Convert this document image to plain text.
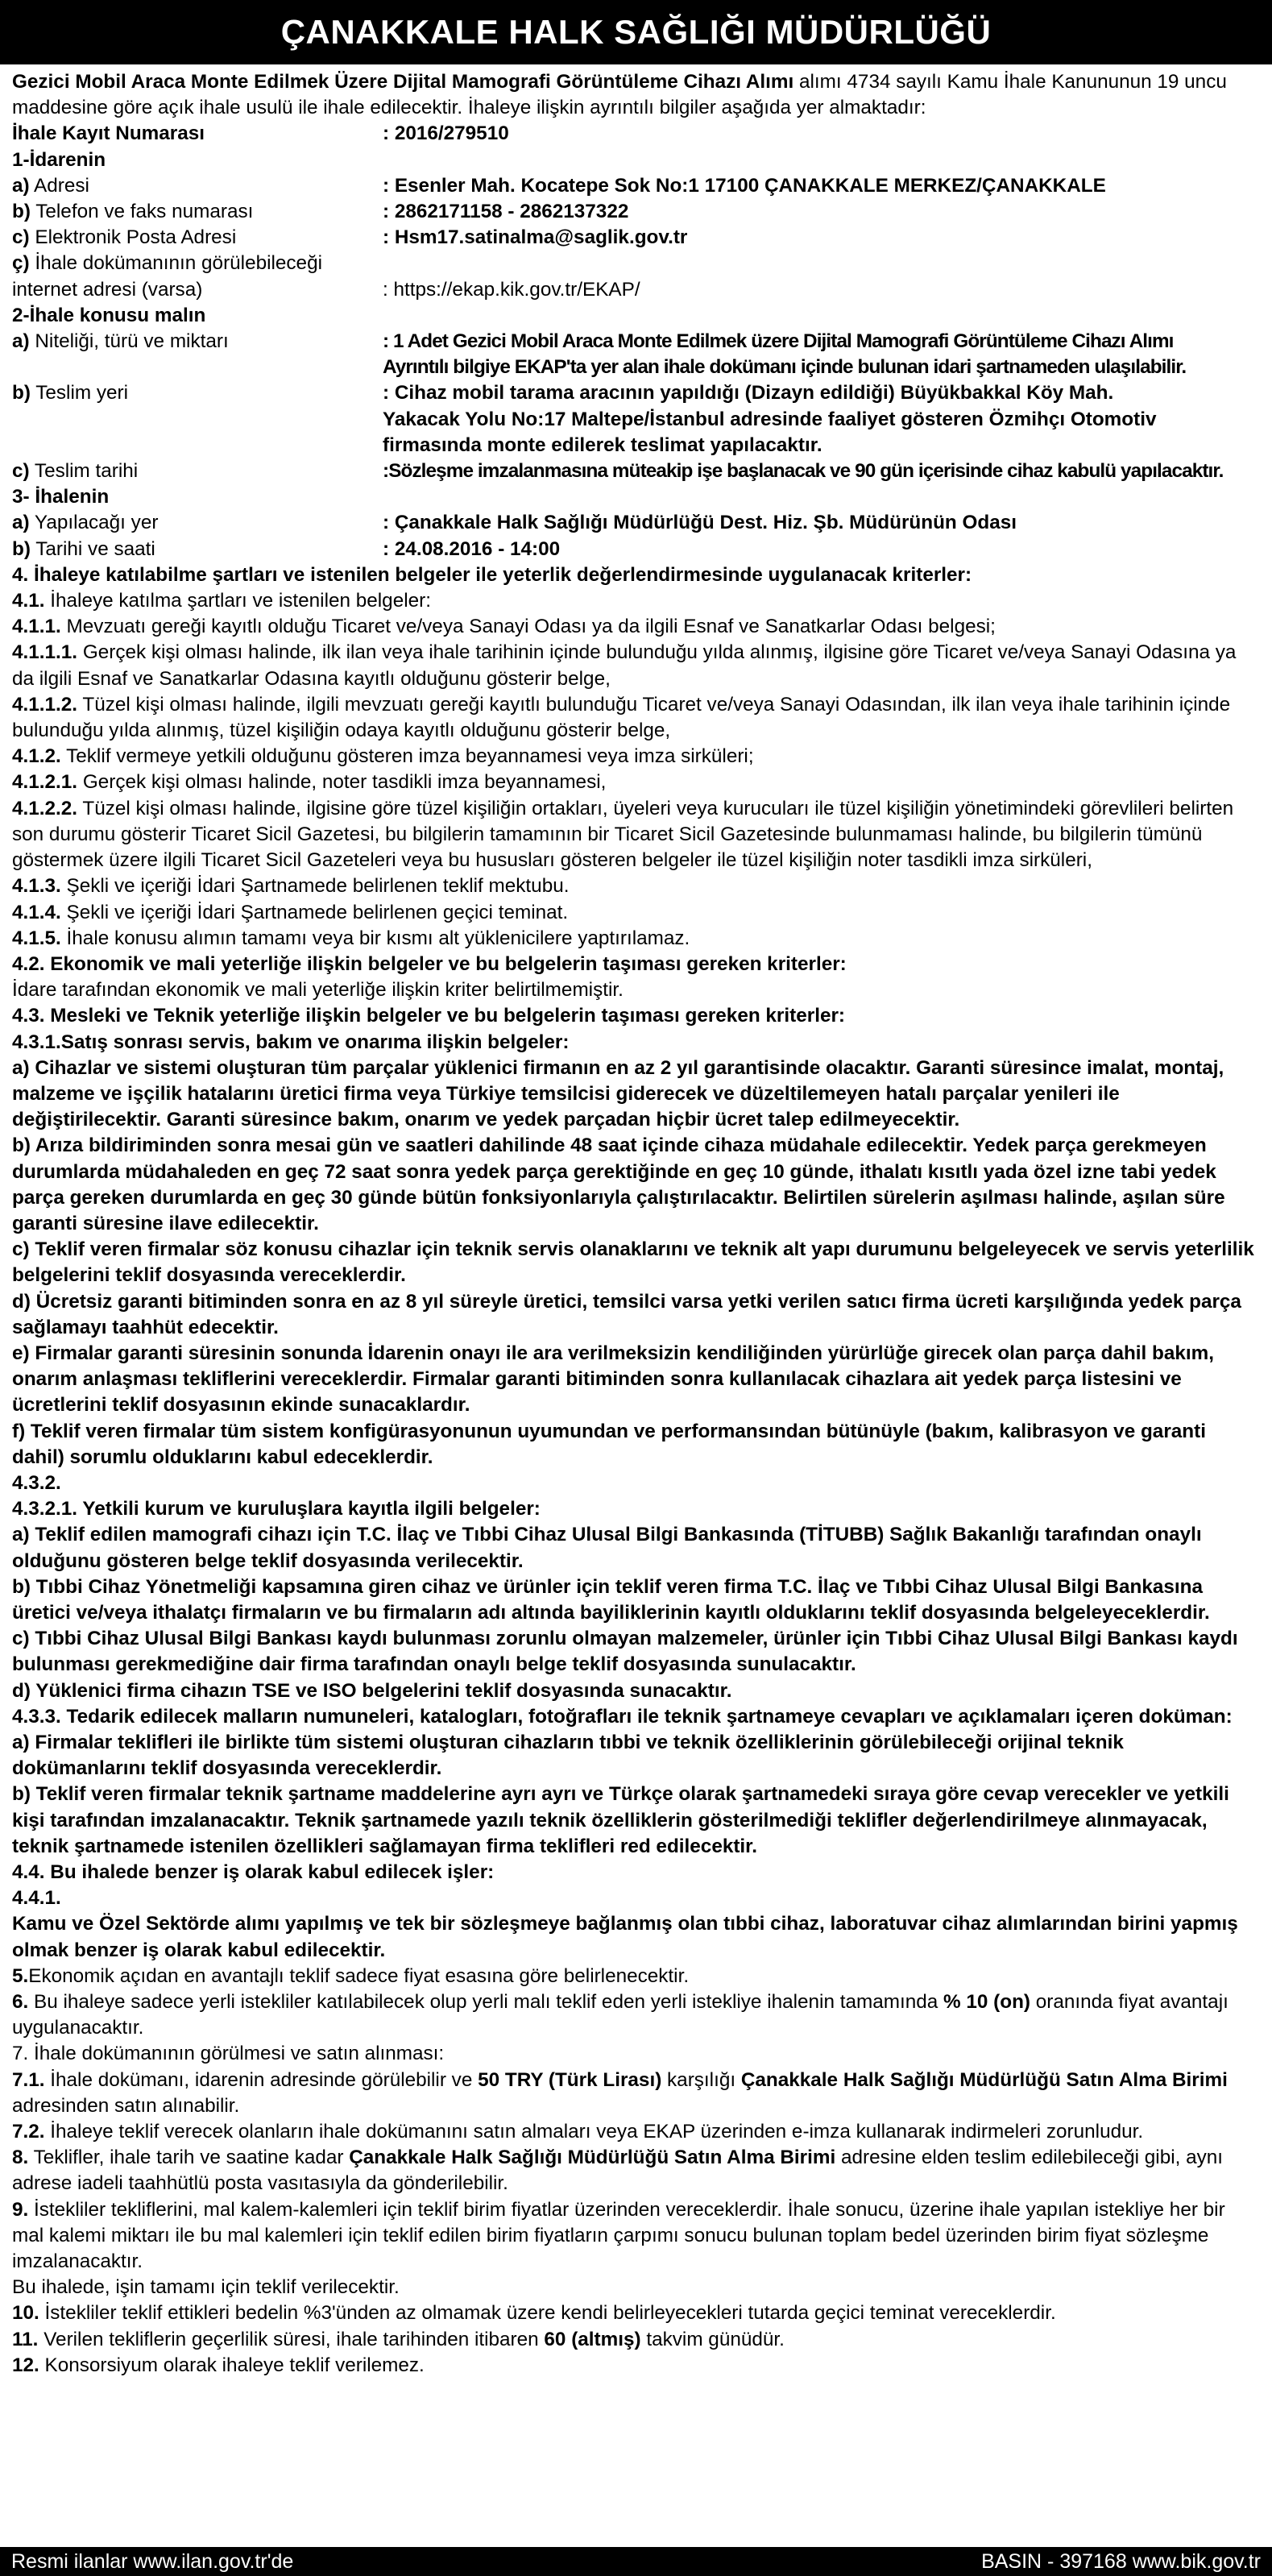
ÇANAKKALE HALK SAĞLIĞI MÜDÜRLÜĞÜ

Gezici Mobil Araca Monte Edilmek Üzere Dijital Mamografi Görüntüleme Cihazı Alımı alımı 4734 sayılı Kamu İhale Kanununun 19 uncu maddesine göre açık ihale usulü ile ihale edilecektir. İhaleye ilişkin ayrıntılı bilgiler aşağıda yer almaktadır:

İhale Kayıt Numarası	: 2016/279510

1-İdarenin

a) Adresi	: Esenler Mah. Kocatepe Sok No:1 17100 ÇANAKKALE MERKEZ/ÇANAKKALE
b) Telefon ve faks numarası	: 2862171158 - 2862137322
c) Elektronik Posta Adresi	: Hsm17.satinalma@saglik.gov.tr
ç) İhale dokümanının görülebileceği
internet adresi (varsa)	: https://ekap.kik.gov.tr/EKAP/

2-İhale konusu malın

a) Niteliği, türü ve miktarı	: 1 Adet Gezici Mobil Araca Monte Edilmek üzere Dijital Mamografi Görüntüleme Cihazı Alımı
Ayrıntılı bilgiye EKAP'ta yer alan ihale dokümanı içinde bulunan idari şartnameden ulaşılabilir.
b) Teslim yeri	: Cihaz mobil tarama aracının yapıldığı (Dizayn edildiği) Büyükbakkal Köy Mah.
Yakacak Yolu No:17 Maltepe/İstanbul adresinde faaliyet gösteren Özmihçı Otomotiv
firmasında monte edilerek teslimat yapılacaktır.
c) Teslim tarihi	:Sözleşme imzalanmasına müteakip işe başlanacak ve 90 gün içerisinde cihaz kabulü yapılacaktır.

3- İhalenin

a) Yapılacağı yer	: Çanakkale Halk Sağlığı Müdürlüğü Dest. Hiz. Şb. Müdürünün Odası
b) Tarihi ve saati	: 24.08.2016 - 14:00

4. İhaleye katılabilme şartları ve istenilen belgeler ile yeterlik değerlendirmesinde uygulanacak kriterler:

4.1. İhaleye katılma şartları ve istenilen belgeler:

4.1.1. Mevzuatı gereği kayıtlı olduğu Ticaret ve/veya Sanayi Odası ya da ilgili Esnaf ve Sanatkarlar Odası belgesi;

4.1.1.1. Gerçek kişi olması halinde, ilk ilan veya ihale tarihinin içinde bulunduğu yılda alınmış, ilgisine göre Ticaret ve/veya Sanayi Odasına ya da ilgili Esnaf ve Sanatkarlar Odasına kayıtlı olduğunu gösterir belge,

4.1.1.2. Tüzel kişi olması halinde, ilgili mevzuatı gereği kayıtlı bulunduğu Ticaret ve/veya Sanayi Odasından, ilk ilan veya ihale tarihinin içinde bulunduğu yılda alınmış, tüzel kişiliğin odaya kayıtlı olduğunu gösterir belge,

4.1.2. Teklif vermeye yetkili olduğunu gösteren imza beyannamesi veya imza sirküleri;

4.1.2.1. Gerçek kişi olması halinde, noter tasdikli imza beyannamesi,

4.1.2.2. Tüzel kişi olması halinde, ilgisine göre tüzel kişiliğin ortakları, üyeleri veya kurucuları ile tüzel kişiliğin yönetimindeki görevlileri belirten son durumu gösterir Ticaret Sicil Gazetesi, bu bilgilerin tamamının bir Ticaret Sicil Gazetesinde bulunmaması halinde, bu bilgilerin tümünü göstermek üzere ilgili Ticaret Sicil Gazeteleri veya bu hususları gösteren belgeler ile tüzel kişiliğin noter tasdikli imza sirküleri,

4.1.3. Şekli ve içeriği İdari Şartnamede belirlenen teklif mektubu.

4.1.4. Şekli ve içeriği İdari Şartnamede belirlenen geçici teminat.

4.1.5. İhale konusu alımın tamamı veya bir kısmı alt yüklenicilere yaptırılamaz.

4.2. Ekonomik ve mali yeterliğe ilişkin belgeler ve bu belgelerin taşıması gereken kriterler:

İdare tarafından ekonomik ve mali yeterliğe ilişkin kriter belirtilmemiştir.

4.3. Mesleki ve Teknik yeterliğe ilişkin belgeler ve bu belgelerin taşıması gereken kriterler:

4.3.1.Satış sonrası servis, bakım ve onarıma ilişkin belgeler:

a) Cihazlar ve sistemi oluşturan tüm parçalar yüklenici firmanın en az 2 yıl garantisinde olacaktır. Garanti süresince imalat, montaj, malzeme ve işçilik hatalarını üretici firma veya Türkiye temsilcisi giderecek ve düzeltilemeyen hatalı parçalar yenileri ile değiştirilecektir. Garanti süresince bakım, onarım ve yedek parçadan hiçbir ücret talep edilmeyecektir.

b) Arıza bildiriminden sonra mesai gün ve saatleri dahilinde 48 saat içinde cihaza müdahale edilecektir. Yedek parça gerekmeyen durumlarda müdahaleden en geç 72 saat sonra yedek parça gerektiğinde en geç 10 günde, ithalatı kısıtlı yada özel izne tabi yedek parça gereken durumlarda en geç 30 günde bütün fonksiyonlarıyla çalıştırılacaktır. Belirtilen sürelerin aşılması halinde, aşılan süre garanti süresine ilave edilecektir.

c) Teklif veren firmalar söz konusu cihazlar için teknik servis olanaklarını ve teknik alt yapı durumunu belgeleyecek ve servis yeterlilik belgelerini teklif dosyasında vereceklerdir.

d) Ücretsiz garanti bitiminden sonra en az 8 yıl süreyle üretici, temsilci varsa yetki verilen satıcı firma ücreti karşılığında yedek parça sağlamayı taahhüt edecektir.

e) Firmalar garanti süresinin sonunda İdarenin onayı ile ara verilmeksizin kendiliğinden yürürlüğe girecek olan parça dahil bakım, onarım anlaşması tekliflerini vereceklerdir. Firmalar garanti bitiminden sonra kullanılacak cihazlara ait yedek parça listesini ve ücretlerini teklif dosyasının ekinde sunacaklardır.

f) Teklif veren firmalar tüm sistem konfigürasyonunun uyumundan ve performansından bütünüyle (bakım, kalibrasyon ve garanti dahil) sorumlu olduklarını kabul edeceklerdir.

4.3.2.

4.3.2.1. Yetkili kurum ve kuruluşlara kayıtla ilgili belgeler:

a) Teklif edilen mamografi cihazı için T.C. İlaç ve Tıbbi Cihaz Ulusal Bilgi Bankasında (TİTUBB) Sağlık Bakanlığı tarafından onaylı olduğunu gösteren belge teklif dosyasında verilecektir.

b) Tıbbi Cihaz Yönetmeliği kapsamına giren cihaz ve ürünler için teklif veren firma T.C. İlaç ve Tıbbi Cihaz Ulusal Bilgi Bankasına üretici ve/veya ithalatçı firmaların ve bu firmaların adı altında bayiliklerinin kayıtlı olduklarını teklif dosyasında belgeleyeceklerdir.

c) Tıbbi Cihaz Ulusal Bilgi Bankası kaydı bulunması zorunlu olmayan malzemeler, ürünler için Tıbbi Cihaz Ulusal Bilgi Bankası kaydı bulunması gerekmediğine dair firma tarafından onaylı belge teklif dosyasında sunulacaktır.

d) Yüklenici firma cihazın TSE ve ISO belgelerini teklif dosyasında sunacaktır.

4.3.3. Tedarik edilecek malların numuneleri, katalogları, fotoğrafları ile teknik şartnameye cevapları ve açıklamaları içeren doküman:

a) Firmalar teklifleri ile birlikte tüm sistemi oluşturan cihazların tıbbi ve teknik özelliklerinin görülebileceği orijinal teknik dokümanlarını teklif dosyasında vereceklerdir.

b) Teklif veren firmalar teknik şartname maddelerine ayrı ayrı ve Türkçe olarak şartnamedeki sıraya göre cevap verecekler ve yetkili kişi tarafından imzalanacaktır. Teknik şartnamede yazılı teknik özelliklerin gösterilmediği teklifler değerlendirilmeye alınmayacak, teknik şartnamede istenilen özellikleri sağlamayan firma teklifleri red edilecektir.

4.4. Bu ihalede benzer iş olarak kabul edilecek işler:

4.4.1.

Kamu ve Özel Sektörde alımı yapılmış ve tek bir sözleşmeye bağlanmış olan tıbbi cihaz, laboratuvar cihaz alımlarından birini yapmış olmak benzer iş olarak kabul edilecektir.

5.Ekonomik açıdan en avantajlı teklif sadece fiyat esasına göre belirlenecektir.

6. Bu ihaleye sadece yerli istekliler katılabilecek olup yerli malı teklif eden yerli istekliye ihalenin tamamında % 10 (on) oranında fiyat avantajı uygulanacaktır.

7. İhale dokümanının görülmesi ve satın alınması:

7.1. İhale dokümanı, idarenin adresinde görülebilir ve 50 TRY (Türk Lirası) karşılığı Çanakkale Halk Sağlığı Müdürlüğü Satın Alma Birimi adresinden satın alınabilir.

7.2. İhaleye teklif verecek olanların ihale dokümanını satın almaları veya EKAP üzerinden e-imza kullanarak indirmeleri zorunludur.

8. Teklifler, ihale tarih ve saatine kadar Çanakkale Halk Sağlığı Müdürlüğü Satın Alma Birimi adresine elden teslim edilebileceği gibi, aynı adrese iadeli taahhütlü posta vasıtasıyla da gönderilebilir.

9. İstekliler tekliflerini, mal kalem-kalemleri için teklif birim fiyatlar üzerinden vereceklerdir. İhale sonucu, üzerine ihale yapılan istekliye her bir mal kalemi miktarı ile bu mal kalemleri için teklif edilen birim fiyatların çarpımı sonucu bulunan toplam bedel üzerinden birim fiyat sözleşme imzalanacaktır.

Bu ihalede, işin tamamı için teklif verilecektir.

10. İstekliler teklif ettikleri bedelin %3'ünden az olmamak üzere kendi belirleyecekleri tutarda geçici teminat vereceklerdir.

11. Verilen tekliflerin geçerlilik süresi, ihale tarihinden itibaren 60 (altmış) takvim günüdür.

12. Konsorsiyum olarak ihaleye teklif verilemez.

Resmi ilanlar www.ilan.gov.tr'de	BASIN - 397168 www.bik.gov.tr
